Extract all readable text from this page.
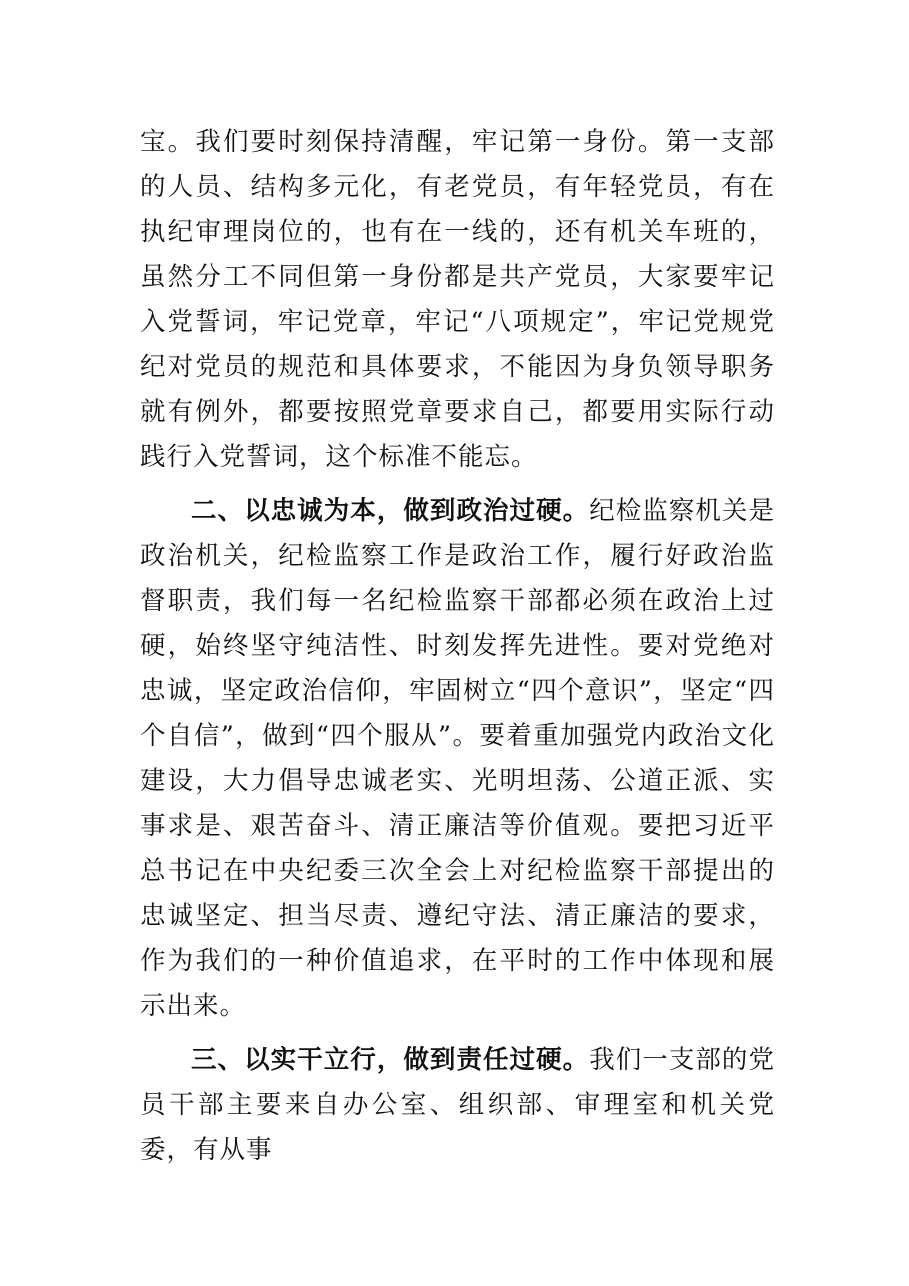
宝。我们要时刻保持清醒，牢记第一身份。第一支部的人员、结构多元化，有老党员，有年轻党员，有在执纪审理岗位的，也有在一线的，还有机关车班的，虽然分工不同但第一身份都是共产党员，大家要牢记入党誓词，牢记党章，牢记“八项规定”，牢记党规党纪对党员的规范和具体要求，不能因为身负领导职务就有例外，都要按照党章要求自己，都要用实际行动践行入党誓词，这个标准不能忘。

二、以忠诚为本，做到政治过硬。纪检监察机关是政治机关，纪检监察工作是政治工作，履行好政治监督职责，我们每一名纪检监察干部都必须在政治上过硬，始终坚守纯洁性、时刻发挥先进性。要对党绝对忠诚，坚定政治信仰，牢固树立“四个意识”，坚定“四个自信”，做到“四个服从”。要着重加强党内政治文化建设，大力倡导忠诚老实、光明坦荡、公道正派、实事求是、艰苦奋斗、清正廉洁等价值观。要把习近平总书记在中央纪委三次全会上对纪检监察干部提出的忠诚坚定、担当尽责、遵纪守法、清正廉洁的要求，作为我们的一种价值追求，在平时的工作中体现和展示出来。

三、以实干立行，做到责任过硬。我们一支部的党员干部主要来自办公室、组织部、审理室和机关党委，有从事
